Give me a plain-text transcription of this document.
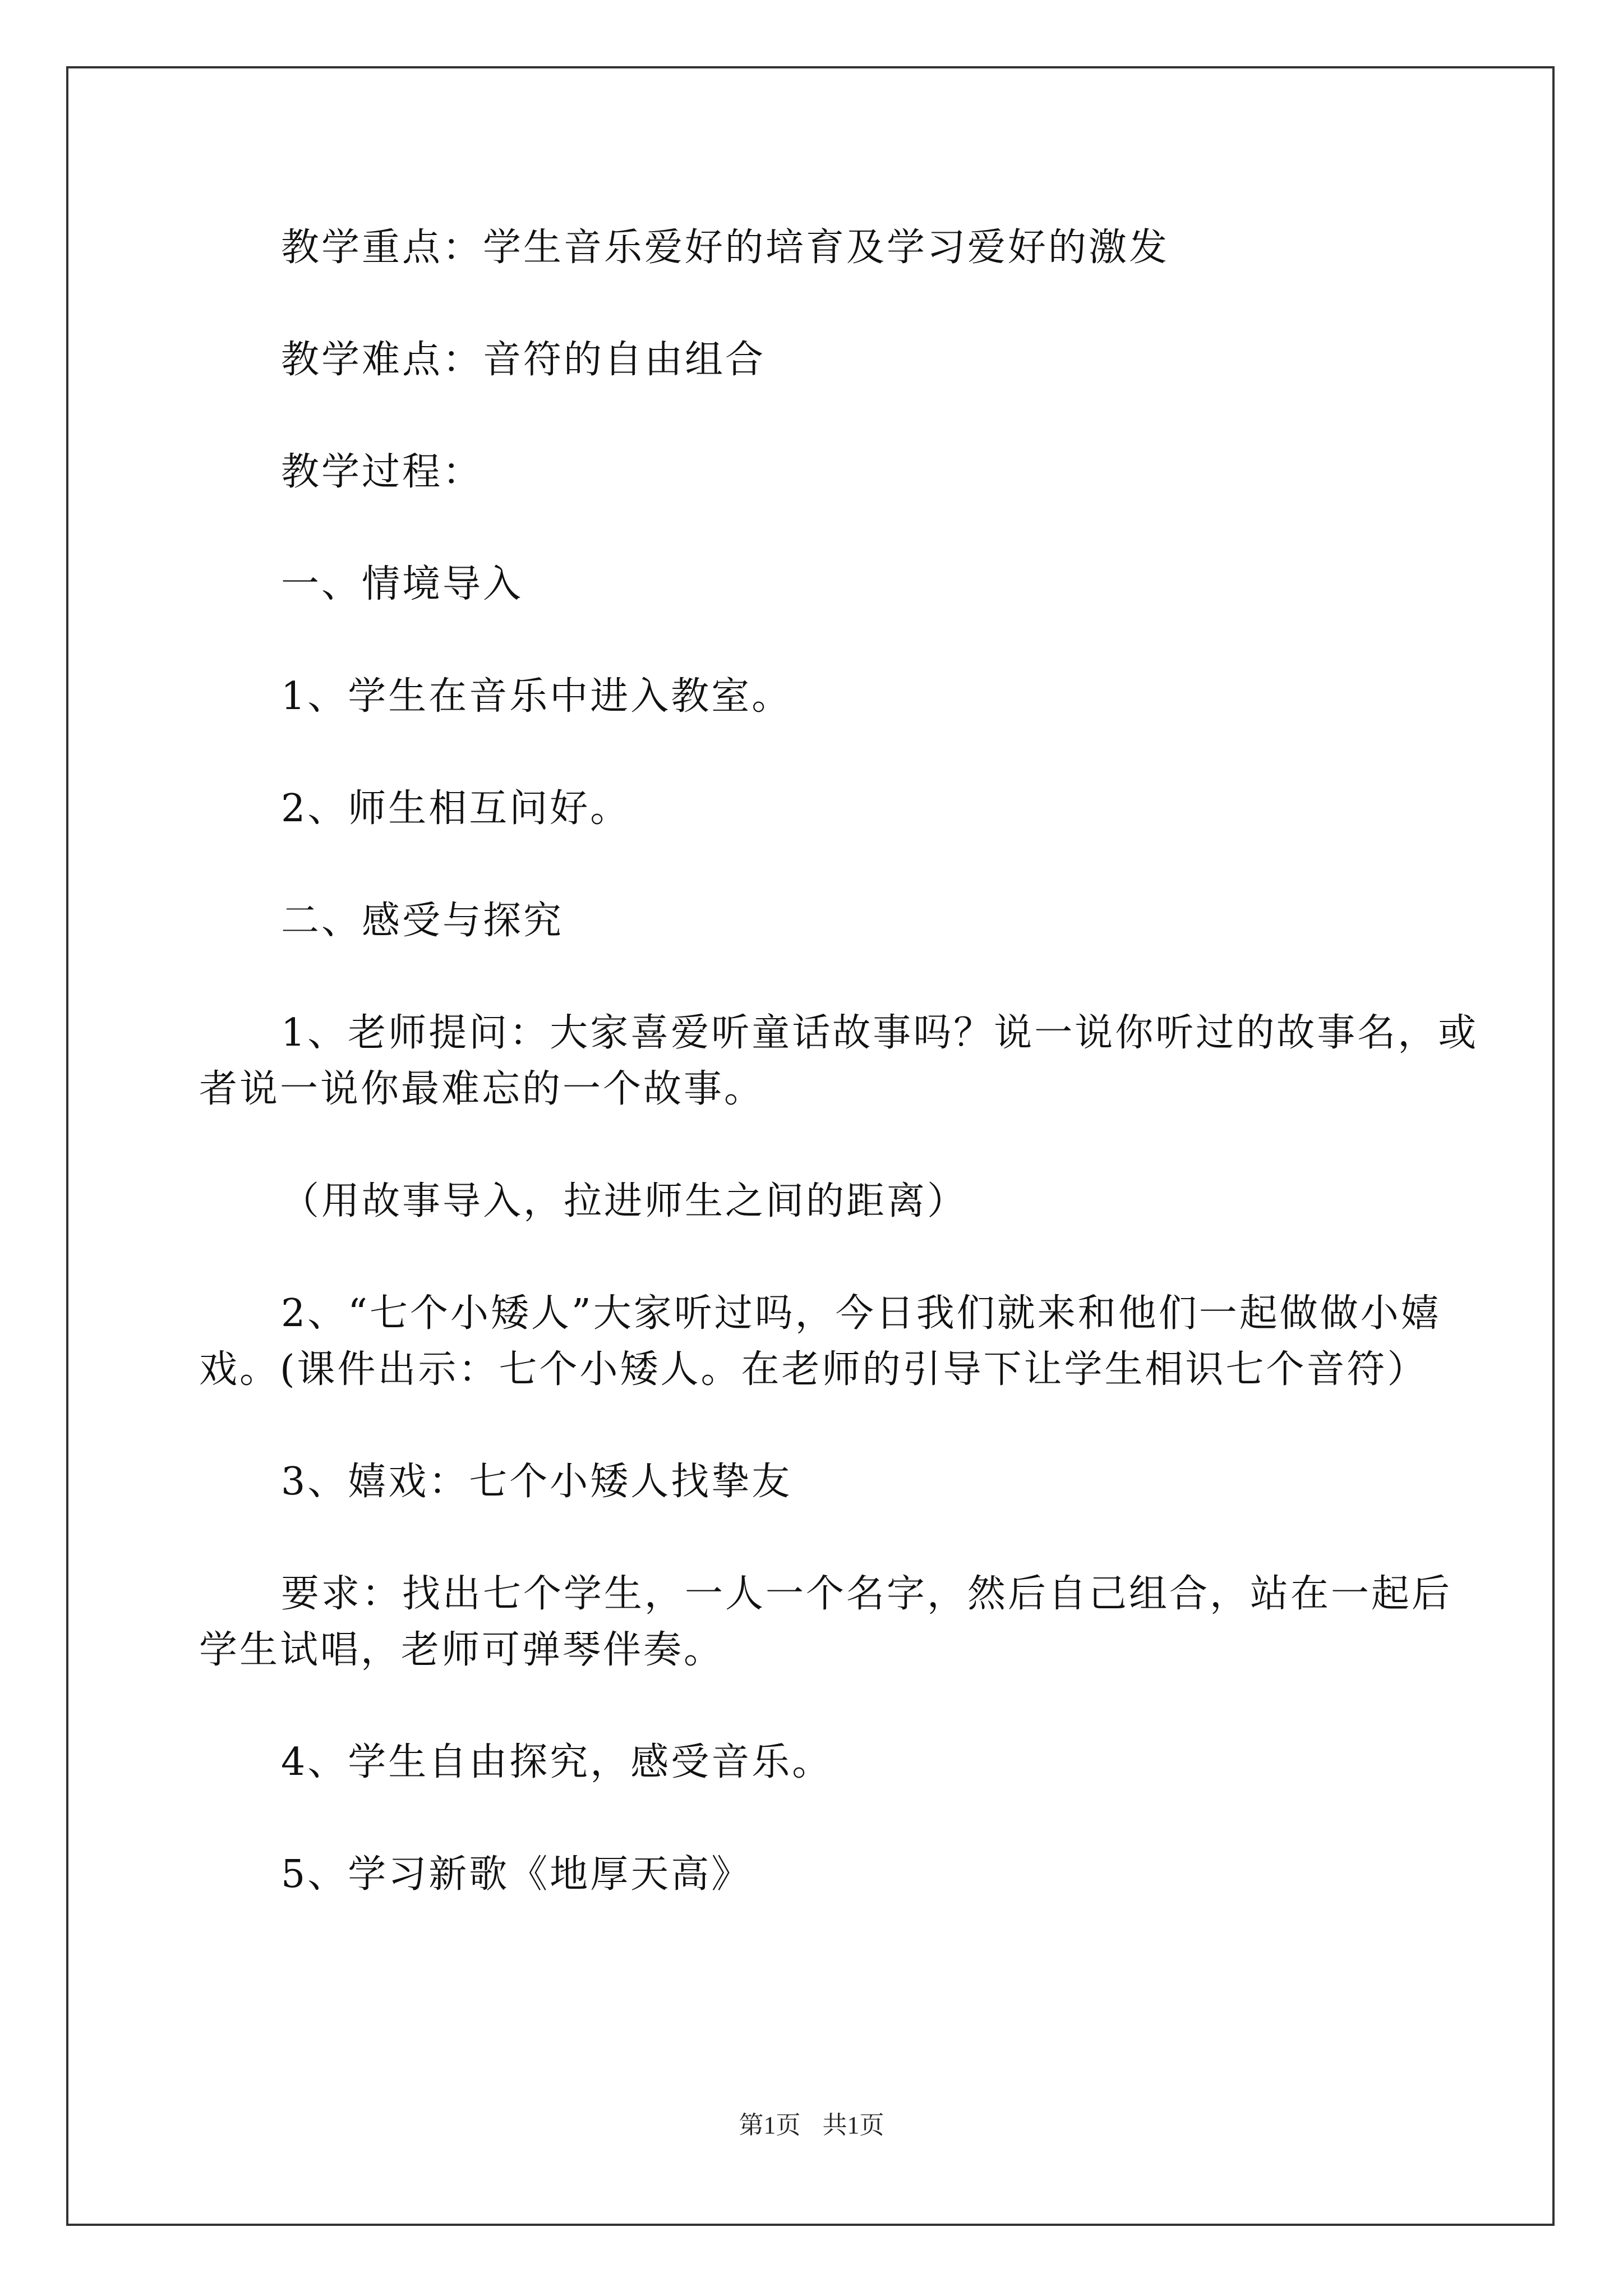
教学重点：学生音乐爱好的培育及学习爱好的激发

教学难点：音符的自由组合

教学过程：

一、情境导入

1、学生在音乐中进入教室。

2、师生相互问好。

二、感受与探究

1、老师提问：大家喜爱听童话故事吗？说一说你听过的故事名，或者说一说你最难忘的一个故事。

（用故事导入，拉进师生之间的距离）

2、“七个小矮人”大家听过吗，今日我们就来和他们一起做做小嬉戏。(课件出示：七个小矮人。在老师的引导下让学生相识七个音符）

3、嬉戏：七个小矮人找挚友

要求：找出七个学生，一人一个名字，然后自己组合，站在一起后学生试唱，老师可弹琴伴奏。

4、学生自由探究，感受音乐。

5、学习新歌《地厚天高》

第1页 共1页
